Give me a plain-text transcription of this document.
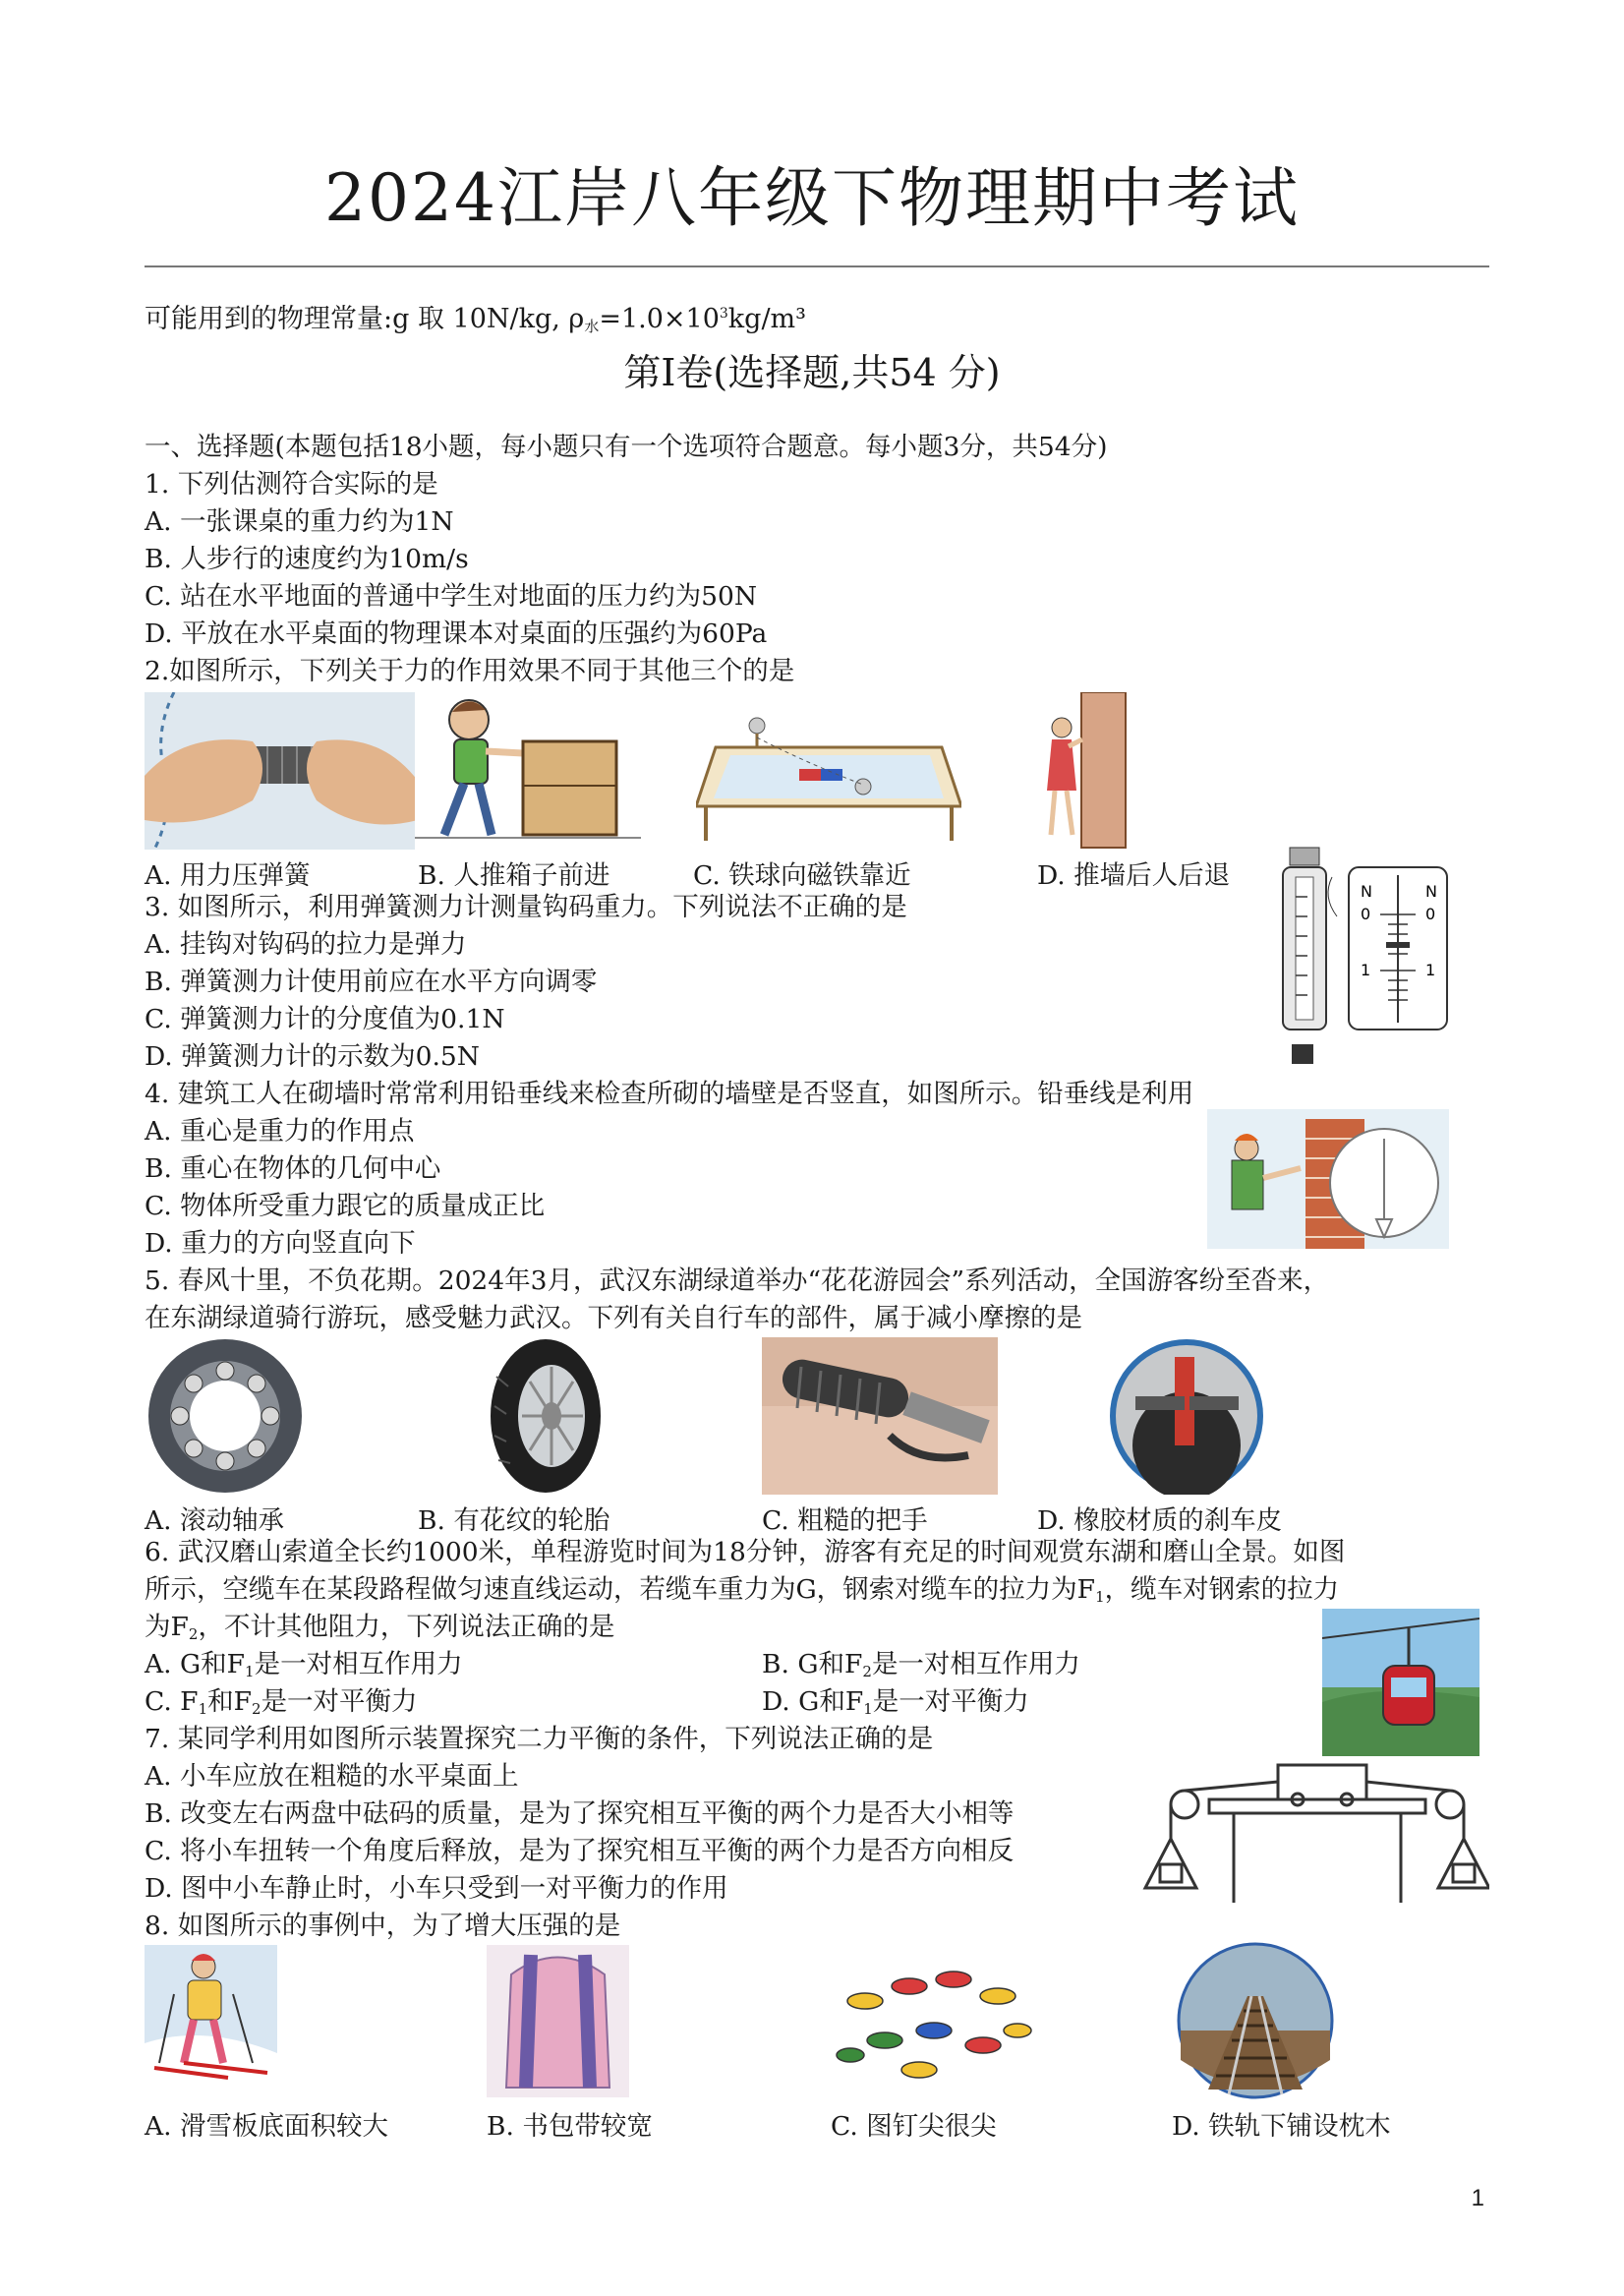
2024江岸八年级下物理期中考试
可能用到的物理常量:g 取 10N/kg, $\rho_水=1.0\times 10^3kg/m^3$
第Ⅰ卷(选择题,共54 分)
一、选择题(本题包括18小题，每小题只有一个选项符合题意。每小题3分，共54分)
1. 下列估测符合实际的是
A. 一张课桌的重力约为1N
B. 人步行的速度约为10m/s
C. 站在水平地面的普通中学生对地面的压力约为50N
D. 平放在水平桌面的物理课本对桌面的压强约为60Pa
2.如图所示，下列关于力的作用效果不同于其他三个的是
A. 用力压弹簧	B. 人推箱子前进	C. 铁球向磁铁靠近	D. 推墙后人后退
3. 如图所示，利用弹簧测力计测量钩码重力。下列说法不正确的是
A. 挂钩对钩码的拉力是弹力
B. 弹簧测力计使用前应在水平方向调零
C. 弹簧测力计的分度值为0.1N
D. 弹簧测力计的示数为0.5N
N	N
0	0
1	1
4. 建筑工人在砌墙时常常利用铅垂线来检查所砌的墙壁是否竖直，如图所示。铅垂线是利用
A. 重心是重力的作用点
B. 重心在物体的几何中心
C. 物体所受重力跟它的质量成正比
D. 重力的方向竖直向下
5. 春风十里，不负花期。2024年3月，武汉东湖绿道举办“花花游园会”系列活动，全国游客纷至沓来，
在东湖绿道骑行游玩，感受魅力武汉。下列有关自行车的部件，属于减小摩擦的是
A. 滚动轴承	B. 有花纹的轮胎	C. 粗糙的把手	D. 橡胶材质的刹车皮
6. 武汉磨山索道全长约1000米，单程游览时间为18分钟，游客有充足的时间观赏东湖和磨山全景。如图
所示，空缆车在某段路程做匀速直线运动，若缆车重力为G，钢索对缆车的拉力为$F_1$，缆车对钢索的拉力
为$F_2$，不计其他阻力，下列说法正确的是
A. G和$F_1$是一对相互作用力	B. G和$F_2$是一对相互作用力
C. $F_1$和$F_2$是一对平衡力	D. G和$F_1$是一对平衡力
7. 某同学利用如图所示装置探究二力平衡的条件，下列说法正确的是
A. 小车应放在粗糙的水平桌面上
B. 改变左右两盘中砝码的质量，是为了探究相互平衡的两个力是否大小相等
C. 将小车扭转一个角度后释放，是为了探究相互平衡的两个力是否方向相反
D. 图中小车静止时，小车只受到一对平衡力的作用
8. 如图所示的事例中，为了增大压强的是
A. 滑雪板底面积较大	B. 书包带较宽	C. 图钉尖很尖	D. 铁轨下铺设枕木
1
